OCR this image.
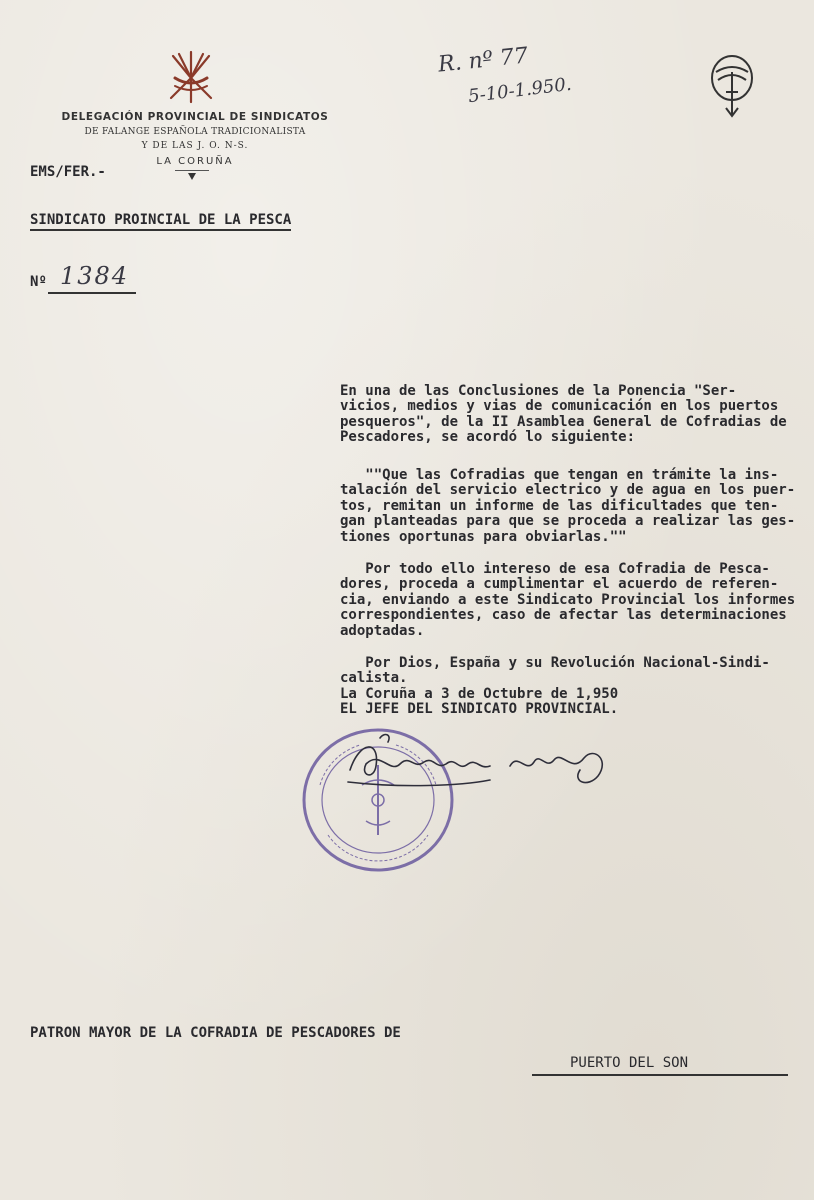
DELEGACIÓN PROVINCIAL DE SINDICATOS
DE FALANGE ESPAÑOLA TRADICIONALISTA
Y DE LAS J. O. N-S.
LA CORUÑA
R. nº 77
5-10-1.950.
EMS/FER.-
SINDICATO PROINCIAL DE LA PESCA
Nº 1384
En una de las Conclusiones de la Ponencia "Ser-
vicios, medios y vias de comunicación en los puertos
pesqueros", de la II Asamblea General de Cofradias de
Pescadores, se acordó lo siguiente:
""Que las Cofradias que tengan en trámite la ins-
talación del servicio electrico y de agua en los puer-
tos, remitan un informe de las dificultades que ten-
gan planteadas para que se proceda a realizar las ges-
tiones oportunas para obviarlas.""
Por todo ello intereso de esa Cofradia de Pesca-
dores, proceda a cumplimentar el acuerdo de referen-
cia, enviando a este Sindicato Provincial los informes
correspondientes, caso de afectar las determinaciones
adoptadas.
Por Dios, España y su Revolución Nacional-Sindi-
calista.
La Coruña a 3 de Octubre de 1,950
EL JEFE DEL SINDICATO PROVINCIAL.
PATRON MAYOR DE LA COFRADIA DE PESCADORES DE
PUERTO DEL SON
